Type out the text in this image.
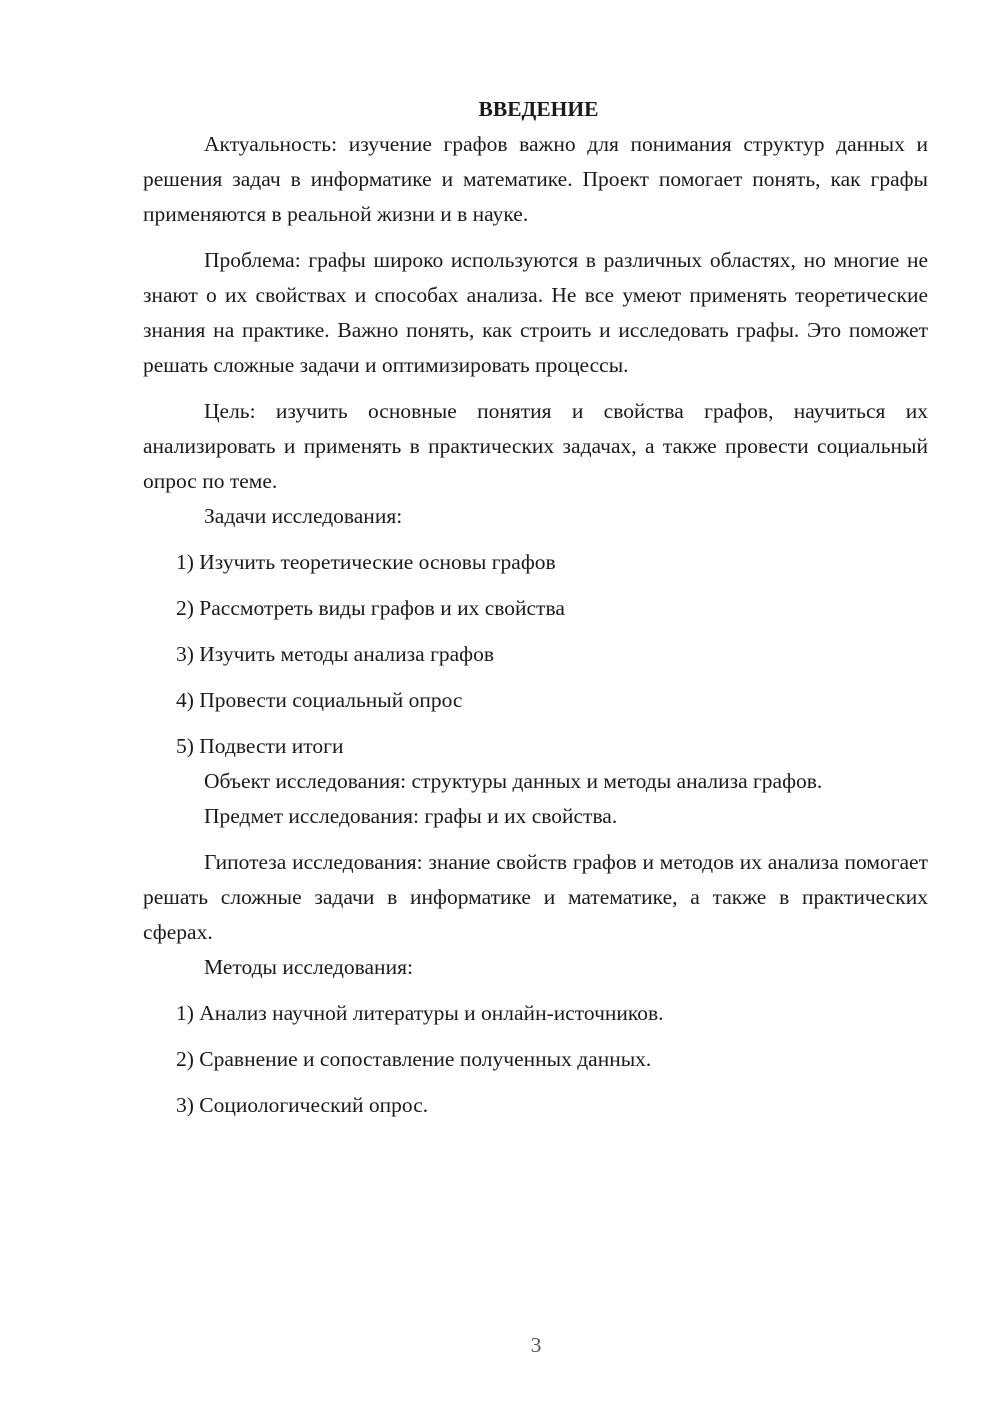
ВВЕДЕНИЕ

Актуальность: изучение графов важно для понимания структур данных и решения задач в информатике и математике. Проект помогает понять, как графы применяются в реальной жизни и в науке.

Проблема: графы широко используются в различных областях, но многие не знают о их свойствах и способах анализа. Не все умеют применять теоретические знания на практике. Важно понять, как строить и исследовать графы. Это поможет решать сложные задачи и оптимизировать процессы.

Цель: изучить основные понятия и свойства графов, научиться их анализировать и применять в практических задачах, а также провести социальный опрос по теме.

Задачи исследования:

1) Изучить теоретические основы графов

2) Рассмотреть виды графов и их свойства

3) Изучить методы анализа графов

4) Провести социальный опрос

5) Подвести итоги

Объект исследования: структуры данных и методы анализа графов.

Предмет исследования: графы и их свойства.

Гипотеза исследования: знание свойств графов и методов их анализа помогает решать сложные задачи в информатике и математике, а также в практических сферах.

Методы исследования:

1) Анализ научной литературы и онлайн-источников.

2) Сравнение и сопоставление полученных данных.

3) Социологический опрос.

3
